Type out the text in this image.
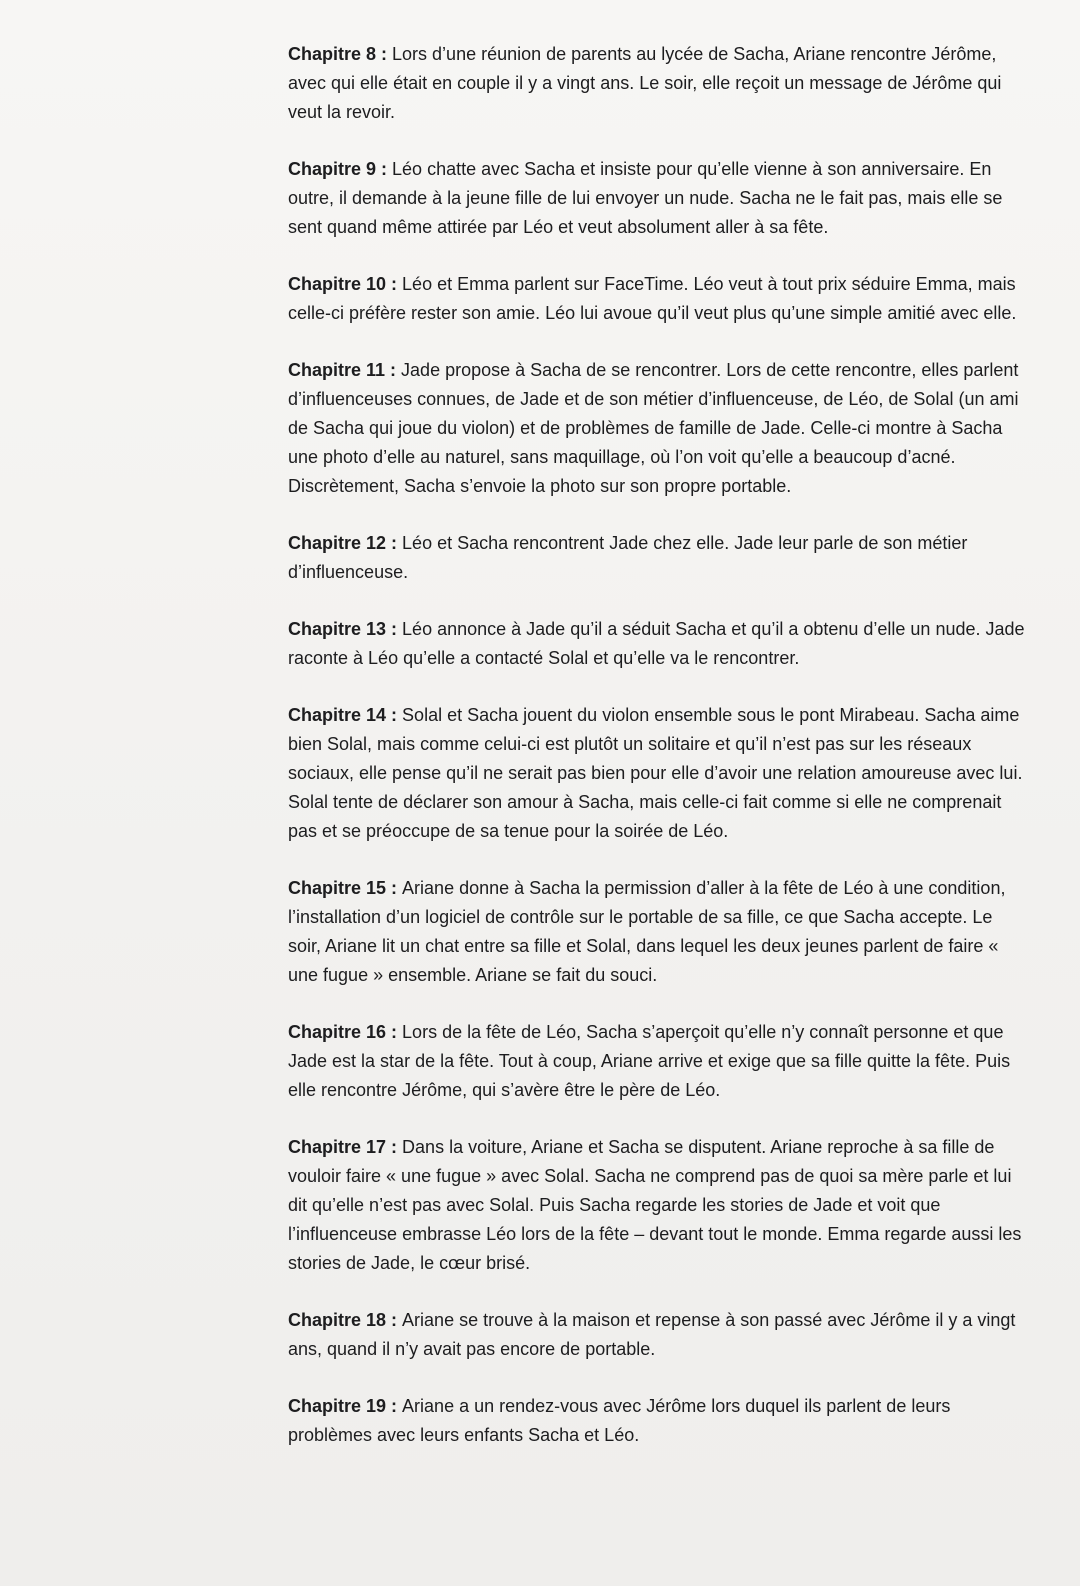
Chapitre 8 : Lors d’une réunion de parents au lycée de Sacha, Ariane rencontre Jérôme, avec qui elle était en couple il y a vingt ans. Le soir, elle reçoit un message de Jérôme qui veut la revoir.
Chapitre 9 : Léo chatte avec Sacha et insiste pour qu’elle vienne à son anniversaire. En outre, il demande à la jeune fille de lui envoyer un nude. Sacha ne le fait pas, mais elle se sent quand même attirée par Léo et veut absolument aller à sa fête.
Chapitre 10 : Léo et Emma parlent sur FaceTime. Léo veut à tout prix séduire Emma, mais celle-ci préfère rester son amie. Léo lui avoue qu’il veut plus qu’une simple amitié avec elle.
Chapitre 11 : Jade propose à Sacha de se rencontrer. Lors de cette rencontre, elles parlent d’influenceuses connues, de Jade et de son métier d’influenceuse, de Léo, de Solal (un ami de Sacha qui joue du violon) et de problèmes de famille de Jade. Celle-ci montre à Sacha une photo d’elle au naturel, sans maquillage, où l’on voit qu’elle a beaucoup d’acné. Discrètement, Sacha s’envoie la photo sur son propre portable.
Chapitre 12 : Léo et Sacha rencontrent Jade chez elle. Jade leur parle de son métier d’influenceuse.
Chapitre 13 : Léo annonce à Jade qu’il a séduit Sacha et qu’il a obtenu d’elle un nude. Jade raconte à Léo qu’elle a contacté Solal et qu’elle va le rencontrer.
Chapitre 14 : Solal et Sacha jouent du violon ensemble sous le pont Mirabeau. Sacha aime bien Solal, mais comme celui-ci est plutôt un solitaire et qu’il n’est pas sur les réseaux sociaux, elle pense qu’il ne serait pas bien pour elle d’avoir une relation amoureuse avec lui. Solal tente de déclarer son amour à Sacha, mais celle-ci fait comme si elle ne comprenait pas et se préoccupe de sa tenue pour la soirée de Léo.
Chapitre 15 : Ariane donne à Sacha la permission d’aller à la fête de Léo à une condition, l’installation d’un logiciel de contrôle sur le portable de sa fille, ce que Sacha accepte. Le soir, Ariane lit un chat entre sa fille et Solal, dans lequel les deux jeunes parlent de faire « une fugue » ensemble. Ariane se fait du souci.
Chapitre 16 : Lors de la fête de Léo, Sacha s’aperçoit qu’elle n’y connaît personne et que Jade est la star de la fête. Tout à coup, Ariane arrive et exige que sa fille quitte la fête. Puis elle rencontre Jérôme, qui s’avère être le père de Léo.
Chapitre 17 : Dans la voiture, Ariane et Sacha se disputent. Ariane reproche à sa fille de vouloir faire « une fugue » avec Solal. Sacha ne comprend pas de quoi sa mère parle et lui dit qu’elle n’est pas avec Solal. Puis Sacha regarde les stories de Jade et voit que l’influenceuse embrasse Léo lors de la fête – devant tout le monde. Emma regarde aussi les stories de Jade, le cœur brisé.
Chapitre 18 : Ariane se trouve à la maison et repense à son passé avec Jérôme il y a vingt ans, quand il n’y avait pas encore de portable.
Chapitre 19 : Ariane a un rendez-vous avec Jérôme lors duquel ils parlent de leurs problèmes avec leurs enfants Sacha et Léo.
